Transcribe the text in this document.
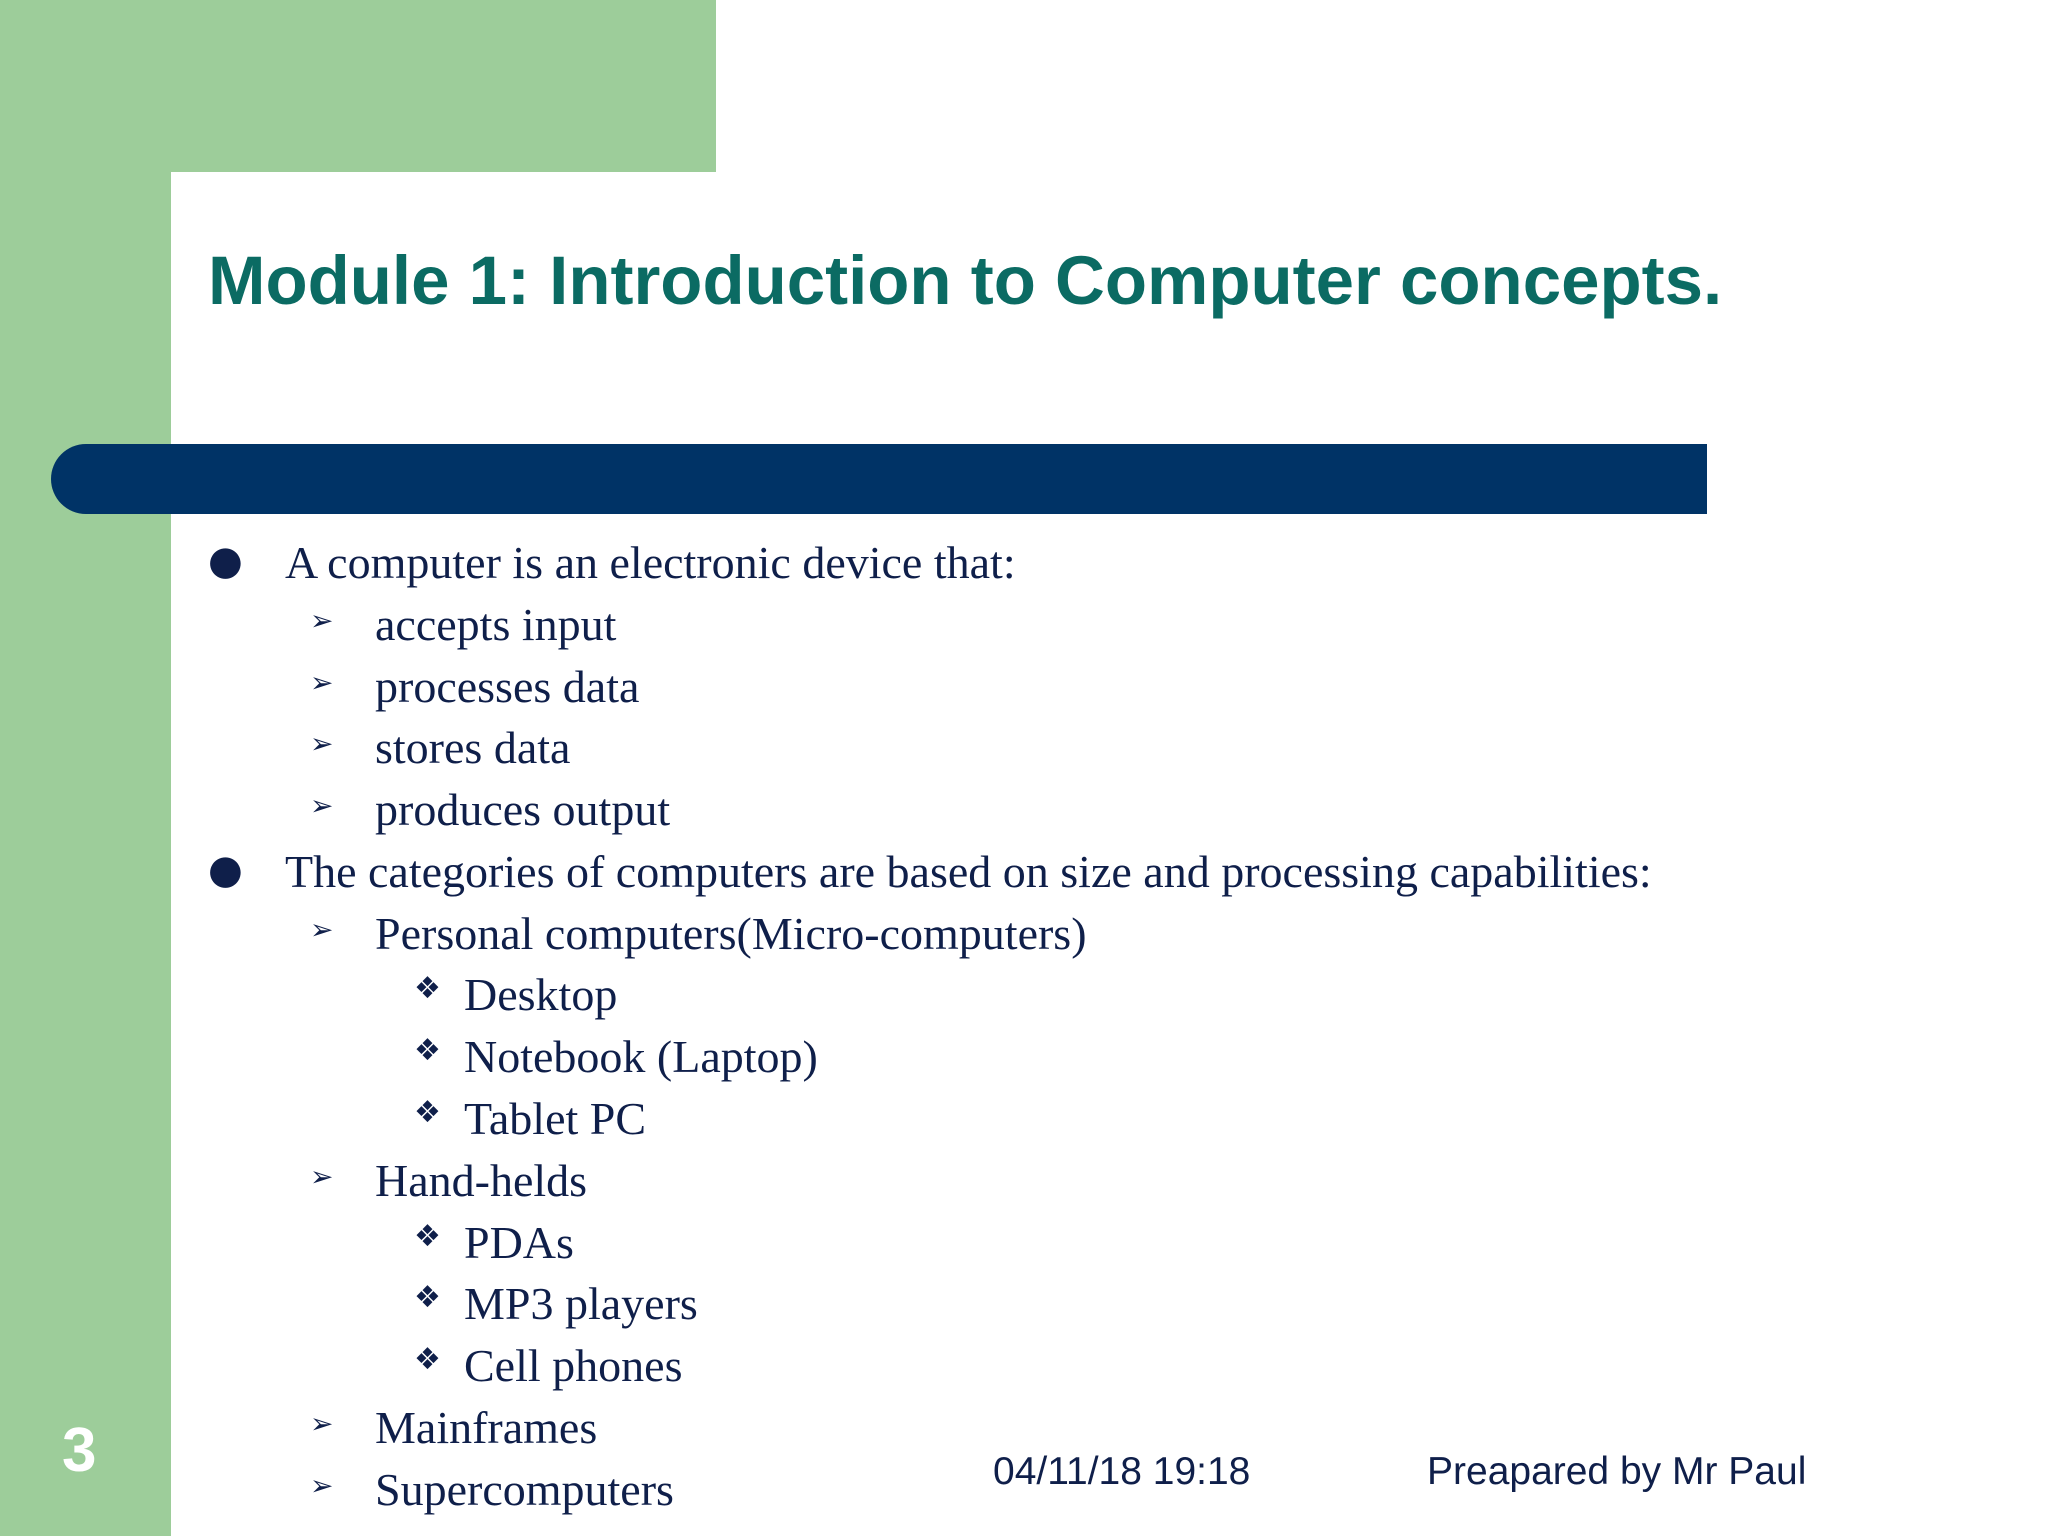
Module 1: Introduction to Computer concepts.
● A computer is an electronic device that:
➢ accepts input
➢ processes data
➢ stores data
➢ produces output
● The categories of computers are based on size and processing capabilities:
➢ Personal computers(Micro-computers)
❖ Desktop
❖ Notebook (Laptop)
❖ Tablet PC
➢ Hand-helds
❖ PDAs
❖ MP3 players
❖ Cell phones
➢ Mainframes
➢ Supercomputers
3	04/11/18 19:18	Preapared by Mr Paul
